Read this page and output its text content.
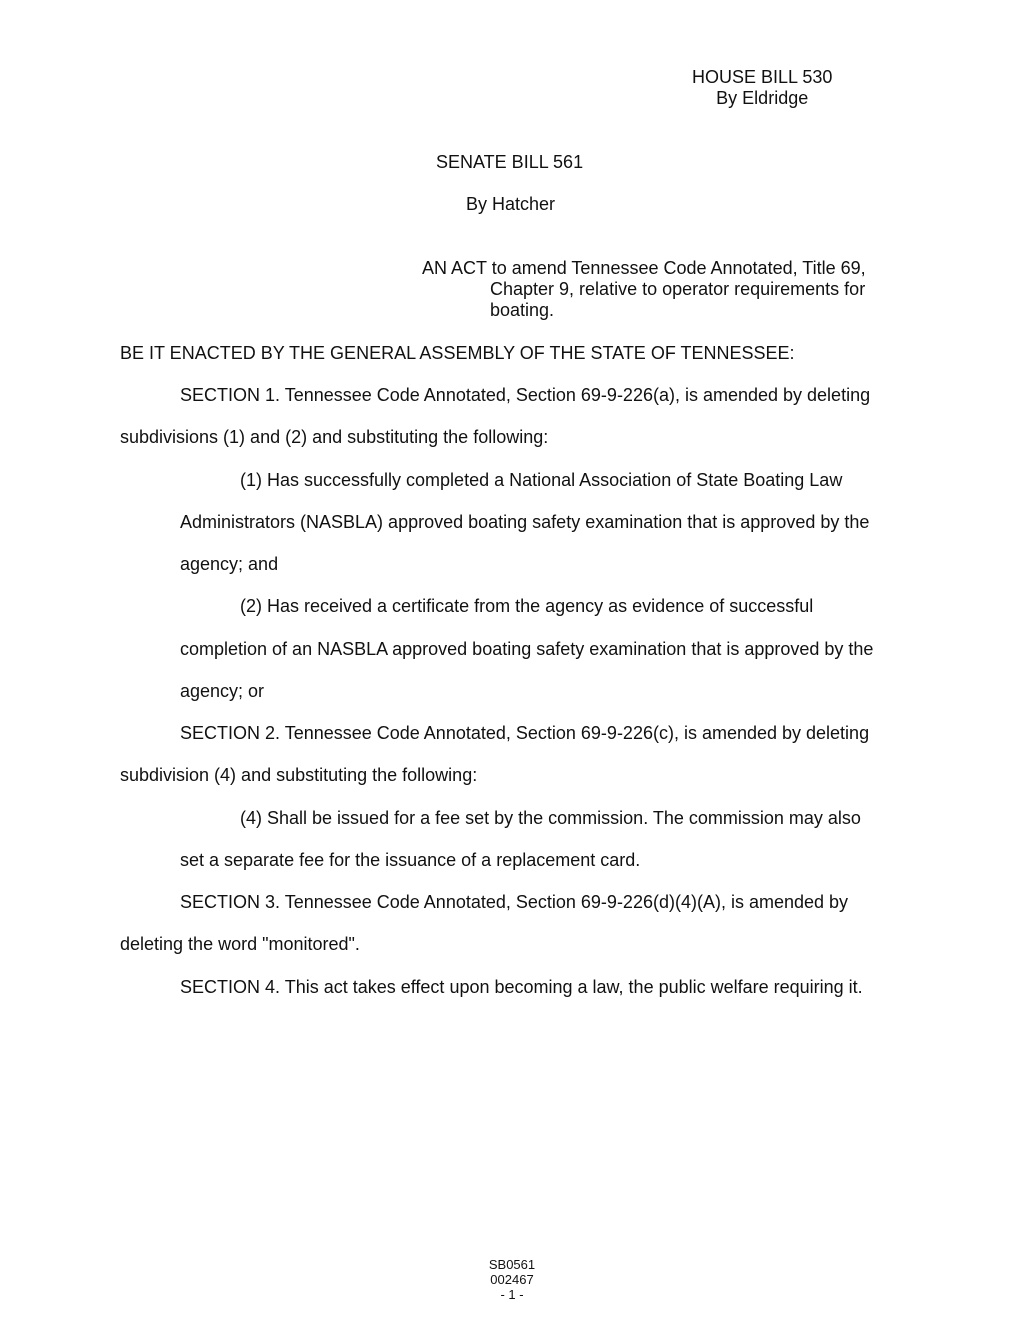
HOUSE BILL 530
By Eldridge
SENATE BILL 561
By Hatcher
AN ACT to amend Tennessee Code Annotated, Title 69,
Chapter 9, relative to operator requirements for
boating.
BE IT ENACTED BY THE GENERAL ASSEMBLY OF THE STATE OF TENNESSEE:
SECTION 1. Tennessee Code Annotated, Section 69-9-226(a), is amended by deleting
subdivisions (1) and (2) and substituting the following:
(1) Has successfully completed a National Association of State Boating Law
Administrators (NASBLA) approved boating safety examination that is approved by the
agency; and
(2) Has received a certificate from the agency as evidence of successful
completion of an NASBLA approved boating safety examination that is approved by the
agency; or
SECTION 2. Tennessee Code Annotated, Section 69-9-226(c), is amended by deleting
subdivision (4) and substituting the following:
(4) Shall be issued for a fee set by the commission. The commission may also
set a separate fee for the issuance of a replacement card.
SECTION 3. Tennessee Code Annotated, Section 69-9-226(d)(4)(A), is amended by
deleting the word "monitored".
SECTION 4. This act takes effect upon becoming a law, the public welfare requiring it.
SB0561
002467
- 1 -
